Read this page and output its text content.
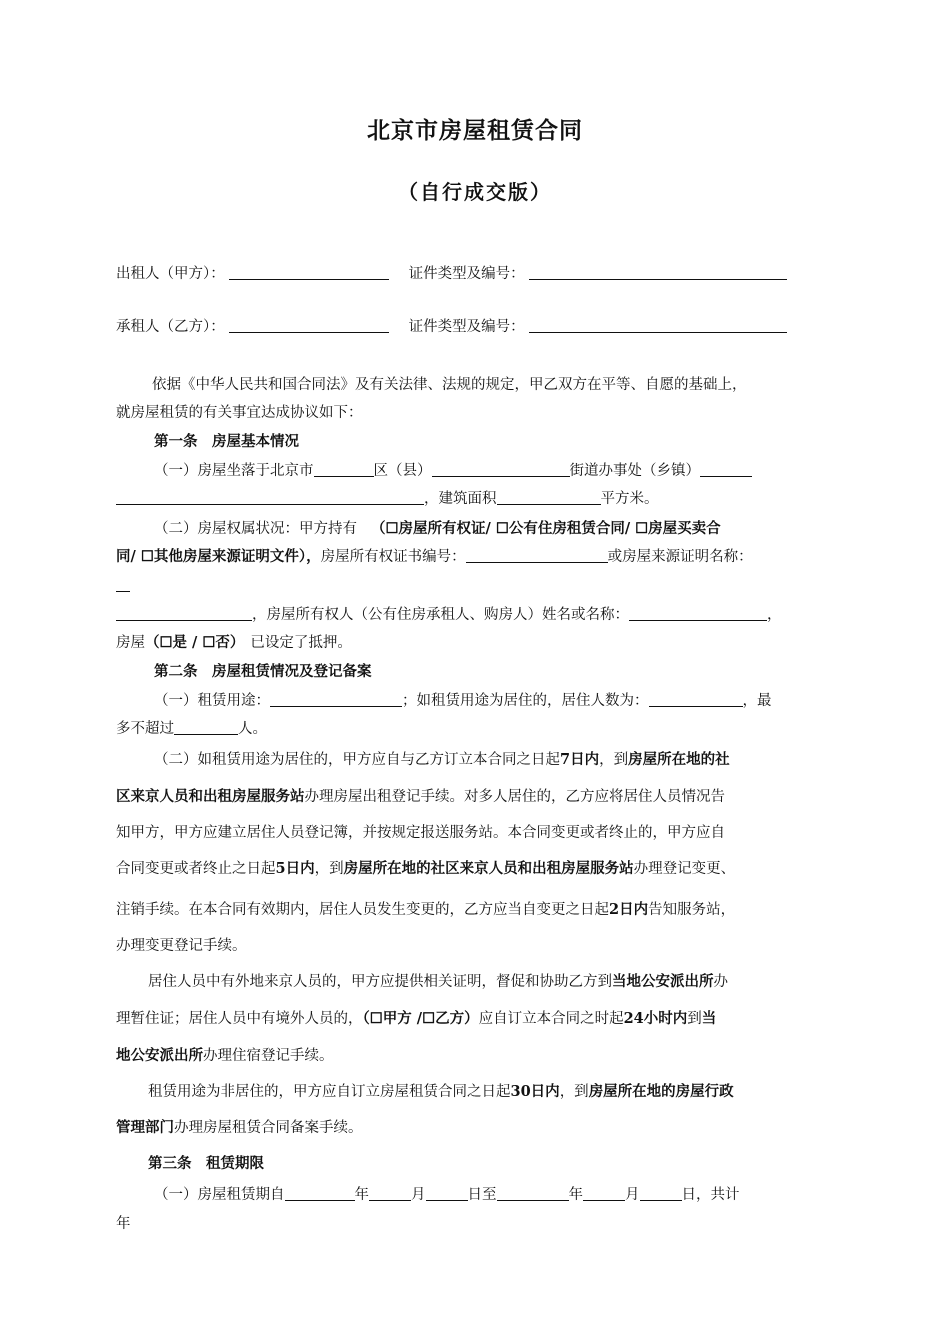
北京市房屋租赁合同
（自行成交版）
出租人（甲方）：	证件类型及编号：
承租人（乙方）：	证件类型及编号：
依据《中华人民共和国合同法》及有关法律、法规的规定，甲乙双方在平等、自愿的基础上，
就房屋租赁的有关事宜达成协议如下：
第一条　房屋基本情况
（一）房屋坐落于北京市	区（县）	街道办事处（乡镇）
，建筑面积	平方米。
（二）房屋权属状况：甲方持有 （☐房屋所有权证/ ☐公有住房租赁合同/ ☐房屋买卖合
同/ ☐其他房屋来源证明文件），房屋所有权证书编号：	或房屋来源证明名称：
，房屋所有权人（公有住房承租人、购房人）姓名或名称：	，
房屋（☐是 / ☐否） 已设定了抵押。
第二条　房屋租赁情况及登记备案
（一）租赁用途：	；如租赁用途为居住的，居住人数为：	，最
多不超过	人。
（二）如租赁用途为居住的，甲方应自与乙方订立本合同之日起7日内，到房屋所在地的社
区来京人员和出租房屋服务站办理房屋出租登记手续。对多人居住的，乙方应将居住人员情况告
知甲方，甲方应建立居住人员登记簿，并按规定报送服务站。本合同变更或者终止的，甲方应自
合同变更或者终止之日起5日内，到房屋所在地的社区来京人员和出租房屋服务站办理登记变更、
注销手续。在本合同有效期内，居住人员发生变更的，乙方应当自变更之日起2日内告知服务站，
办理变更登记手续。
居住人员中有外地来京人员的，甲方应提供相关证明，督促和协助乙方到当地公安派出所办
理暂住证；居住人员中有境外人员的，（☐甲方 /☐乙方）应自订立本合同之时起24小时内到当
地公安派出所办理住宿登记手续。
租赁用途为非居住的，甲方应自订立房屋租赁合同之日起30日内，到房屋所在地的房屋行政
管理部门办理房屋租赁合同备案手续。
第三条　租赁期限
（一）房屋租赁期自	年	月	日至	年	月	日，共计
年
